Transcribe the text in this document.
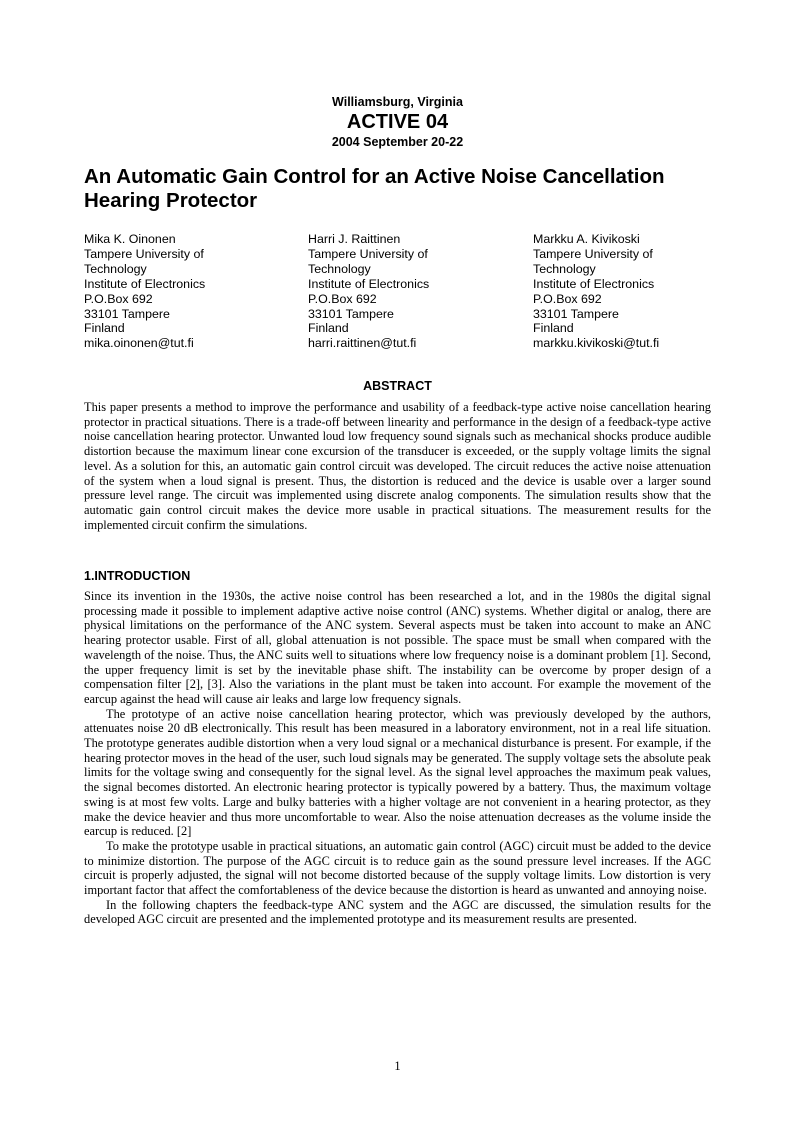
Williamsburg, Virginia
ACTIVE 04
2004 September 20-22
An Automatic Gain Control for an Active Noise Cancellation Hearing Protector
Mika K. Oinonen
Tampere University of
Technology
Institute of Electronics
P.O.Box 692
33101 Tampere
Finland
mika.oinonen@tut.fi
Harri J. Raittinen
Tampere University of
Technology
Institute of Electronics
P.O.Box 692
33101 Tampere
Finland
harri.raittinen@tut.fi
Markku A. Kivikoski
Tampere University of
Technology
Institute of Electronics
P.O.Box 692
33101 Tampere
Finland
markku.kivikoski@tut.fi
ABSTRACT

This paper presents a method to improve the performance and usability of a feedback-type active noise cancellation hearing protector in practical situations. There is a trade-off between linearity and performance in the design of a feedback-type active noise cancellation hearing protector. Unwanted loud low frequency sound signals such as mechanical shocks produce audible distortion because the maximum linear cone excursion of the transducer is exceeded, or the supply voltage limits the signal level. As a solution for this, an automatic gain control circuit was developed. The circuit reduces the active noise attenuation of the system when a loud signal is present. Thus, the distortion is reduced and the device is usable over a larger sound pressure level range. The circuit was implemented using discrete analog components. The simulation results show that the automatic gain control circuit makes the device more usable in practical situations. The measurement results for the implemented circuit confirm the simulations.

1.INTRODUCTION

Since its invention in the 1930s, the active noise control has been researched a lot, and in the 1980s the digital signal processing made it possible to implement adaptive active noise control (ANC) systems. Whether digital or analog, there are physical limitations on the performance of the ANC system. Several aspects must be taken into account to make an ANC hearing protector usable. First of all, global attenuation is not possible. The space must be small when compared with the wavelength of the noise. Thus, the ANC suits well to situations where low frequency noise is a dominant problem [1]. Second, the upper frequency limit is set by the inevitable phase shift. The instability can be overcome by proper design of a compensation filter [2], [3]. Also the variations in the plant must be taken into account. For example the movement of the earcup against the head will cause air leaks and large low frequency signals.

The prototype of an active noise cancellation hearing protector, which was previously developed by the authors, attenuates noise 20 dB electronically. This result has been measured in a laboratory environment, not in a real life situation. The prototype generates audible distortion when a very loud signal or a mechanical disturbance is present. For example, if the hearing protector moves in the head of the user, such loud signals may be generated. The supply voltage sets the absolute peak limits for the voltage swing and consequently for the signal level. As the signal level approaches the maximum peak values, the signal becomes distorted. An electronic hearing protector is typically powered by a battery. Thus, the maximum voltage swing is at most few volts. Large and bulky batteries with a higher voltage are not convenient in a hearing protector, as they make the device heavier and thus more uncomfortable to wear. Also the noise attenuation decreases as the volume inside the earcup is reduced. [2]

To make the prototype usable in practical situations, an automatic gain control (AGC) circuit must be added to the device to minimize distortion. The purpose of the AGC circuit is to reduce gain as the sound pressure level increases. If the AGC circuit is properly adjusted, the signal will not become distorted because of the supply voltage limits. Low distortion is very important factor that affect the comfortableness of the device because the distortion is heard as unwanted and annoying noise.

In the following chapters the feedback-type ANC system and the AGC are discussed, the simulation results for the developed AGC circuit are presented and the implemented prototype and its measurement results are presented.

1
